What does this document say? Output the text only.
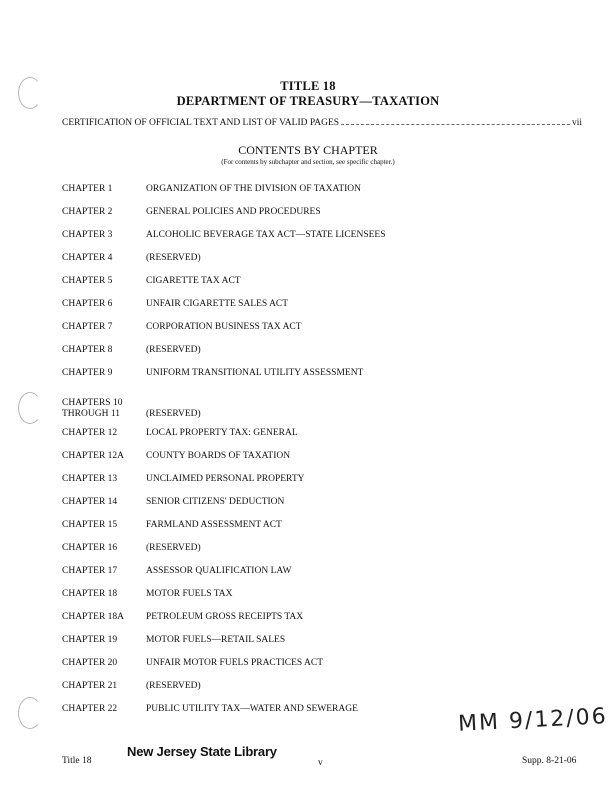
TITLE 18
DEPARTMENT OF TREASURY—TAXATION
CERTIFICATION OF OFFICIAL TEXT AND LIST OF VALID PAGES	vii
CONTENTS BY CHAPTER
(For contents by subchapter and section, see specific chapter.)
CHAPTER 1	ORGANIZATION OF THE DIVISION OF TAXATION
CHAPTER 2	GENERAL POLICIES AND PROCEDURES
CHAPTER 3	ALCOHOLIC BEVERAGE TAX ACT—STATE LICENSEES
CHAPTER 4	(RESERVED)
CHAPTER 5	CIGARETTE TAX ACT
CHAPTER 6	UNFAIR CIGARETTE SALES ACT
CHAPTER 7	CORPORATION BUSINESS TAX ACT
CHAPTER 8	(RESERVED)
CHAPTER 9	UNIFORM TRANSITIONAL UTILITY ASSESSMENT
CHAPTERS 10 THROUGH 11	(RESERVED)
CHAPTER 12	LOCAL PROPERTY TAX: GENERAL
CHAPTER 12A	COUNTY BOARDS OF TAXATION
CHAPTER 13	UNCLAIMED PERSONAL PROPERTY
CHAPTER 14	SENIOR CITIZENS' DEDUCTION
CHAPTER 15	FARMLAND ASSESSMENT ACT
CHAPTER 16	(RESERVED)
CHAPTER 17	ASSESSOR QUALIFICATION LAW
CHAPTER 18	MOTOR FUELS TAX
CHAPTER 18A	PETROLEUM GROSS RECEIPTS TAX
CHAPTER 19	MOTOR FUELS—RETAIL SALES
CHAPTER 20	UNFAIR MOTOR FUELS PRACTICES ACT
CHAPTER 21	(RESERVED)
CHAPTER 22	PUBLIC UTILITY TAX—WATER AND SEWERAGE	MM 9/12/06
Title 18
New Jersey State Library
v	Supp. 8-21-06
